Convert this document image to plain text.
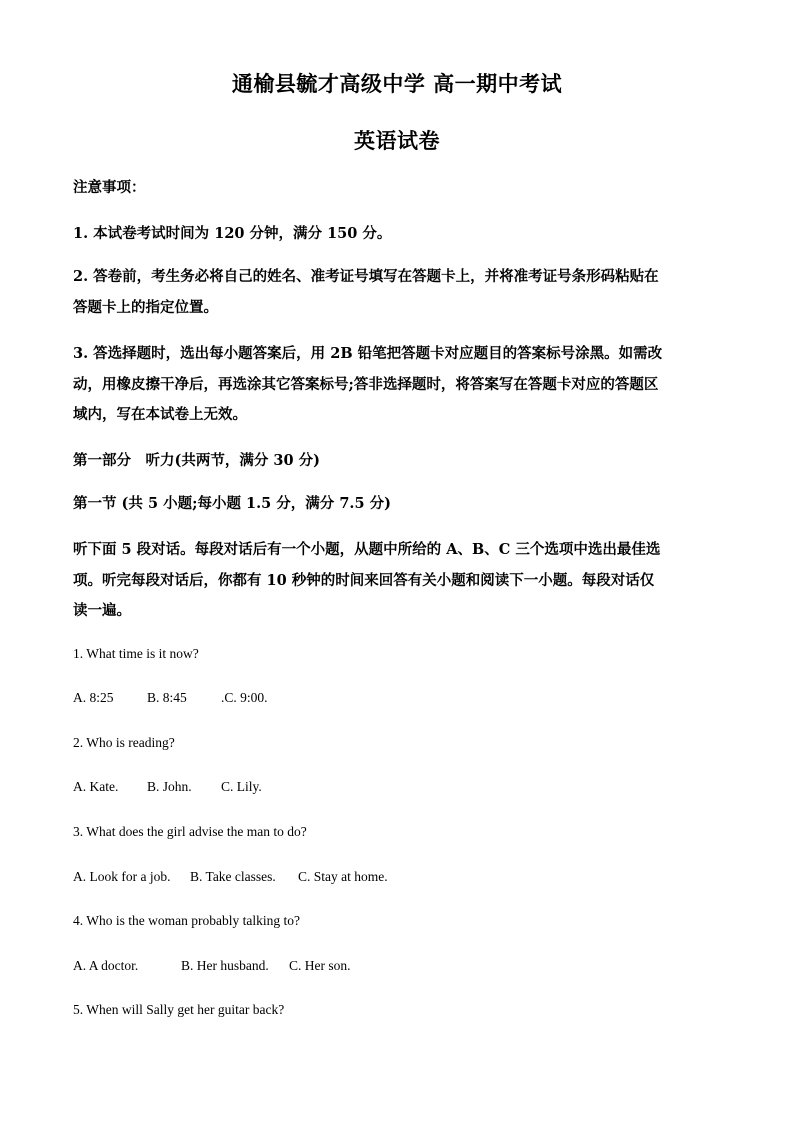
通榆县毓才高级中学 高一期中考试
英语试卷
注意事项：
1. 本试卷考试时间为 120 分钟，满分 150 分。
2. 答卷前，考生务必将自己的姓名、准考证号填写在答题卡上，并将准考证号条形码粘贴在
答题卡上的指定位置。
3. 答选择题时，选出每小题答案后，用 2B 铅笔把答题卡对应题目的答案标号涂黑。如需改
动，用橡皮擦干净后，再选涂其它答案标号;答非选择题时，将答案写在答题卡对应的答题区
域内，写在本试卷上无效。
第一部分　听力(共两节，满分 30 分)
第一节 (共 5 小题;每小题 1.5 分，满分 7.5 分)
听下面 5 段对话。每段对话后有一个小题，从题中所给的 A、B、C 三个选项中选出最佳选
项。听完每段对话后，你都有 10 秒钟的时间来回答有关小题和阅读下一小题。每段对话仅
读一遍。
1. What time is it now?
A. 8:25 B. 8:45	.C. 9:00.
2. Who is reading?
A. Kate. B. John. C. Lily.
3. What does the girl advise the man to do?
A. Look for a job. B. Take classes. C. Stay at home.
4. Who is the woman probably talking to?
A. A doctor.	B. Her husband. C. Her son.
5. When will Sally get her guitar back?
